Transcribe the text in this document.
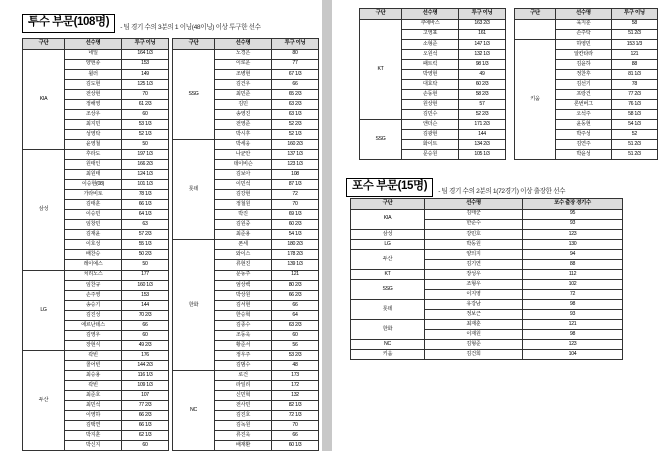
투수 부문(108명)	- 팀 경기 수의 3분의 1 이닝(48이닝) 이상 투구한 선수
구단	선수명	투구 이닝
KIA	네일	164 1/3
	양현종	153
	윌러	149
	김도현	125 1/3
	전상현	70
	정해영	61 2/3
	조상우	60
	최지민	53 1/3
	성영탁	52 1/3
	윤영철	50
삼성	후라도	197 1/3
	원태인	166 2/3
	최원태	124 1/3
	이승현(08)	101 1/3
	가라비토	78 1/3
	김태훈	66 1/3
	이승민	64 1/3
	임창민	63
	김재윤	57 2/3
	이호성	55 1/3
	배찬승	50 2/3
	레이예스	50
LG	치리노스	177
	임찬규	160 1/3
	손주영	153
	송승기	144
	김진성	70 2/3
	에르난데스	66
	김영우	60
	장현식	49 2/3
두산	곽빈	176
	콜어빈	144 2/3
	최승용	116 1/3
	곽빈	109 1/3
	최준호	107
	최민석	77 2/3
	이영하	66 2/3
	김택연	66 1/3
	박지훈	62 1/3
	박신지	60
구단	선수명	투구 이닝
SSG	노경은	80
	이로운	77
	조병현	67 1/3
	김건우	66
	최민준	65 2/3
	김민	63 2/3
	송영진	63 1/3
	전영준	52 2/3
	박시후	52 1/3
롯데	박세웅	160 2/3
	나균안	137 1/3
	데이비슨	123 1/3
	김보아	108
	이민석	87 1/3
	김강현	72
	정철원	70
	박진	69 1/3
	김원중	60 2/3
	최준용	54 1/3
한화	폰세	180 2/3
	와이스	178 2/3
	류현진	139 1/3
	문동주	121
	엄상백	80 2/3
	박상원	66 2/3
	김서현	66
	한승혁	64
	김종수	63 2/3
	조동욱	60
	황준서	56
	정우주	53 2/3
	김범수	48
NC	로건	173
	라일리	172
	신민혁	132
	전사민	82 1/3
	김진호	72 1/3
	김녹원	70
	류진욱	66
	배재환	60 1/3
구단	선수명	투구 이닝
KT	쿠에바스	163 2/3
	고영표	161
	소형준	147 1/3
	오원석	132 1/3
	패트릭	98 1/3
	박영현	49
	대효탁	60 2/3
	손동현	58 2/3
	원상현	57
	김민수	52 2/3
SSG	앤더슨	171 2/3
	김광현	144
	화이트	134 2/3
	문승원	105 1/3
구단	선수명	투구 이닝
	육지훈	58
	손주탁	51 2/3
키움	하영민	153 1/3
	알칸타라	121
	김윤하	88
	정찬후	81 1/3
	김선기	78
	프랑건	77 2/3
	론번버그	76 1/3
	오석주	58 1/3
	윤동현	54 1/3
	박주성	52
	김연주	51 2/3
	박윤성	51 2/3
포수 부문(15명)	- 팀 경기 수의 2분의 1(72경기) 이상 출장한 선수
구단	선수명	포수 출장 경기수
KIA	김태군	95
	한준수	93
삼성	강민호	123
LG	박동원	130
두산	양의지	94
	김기연	88
KT	장성우	112
SSG	조형우	102
	이지영	72
롯데	유강남	98
	정보근	93
한화	최재훈	121
	이재원	98
NC	김형준	123
키움	김건희	104
